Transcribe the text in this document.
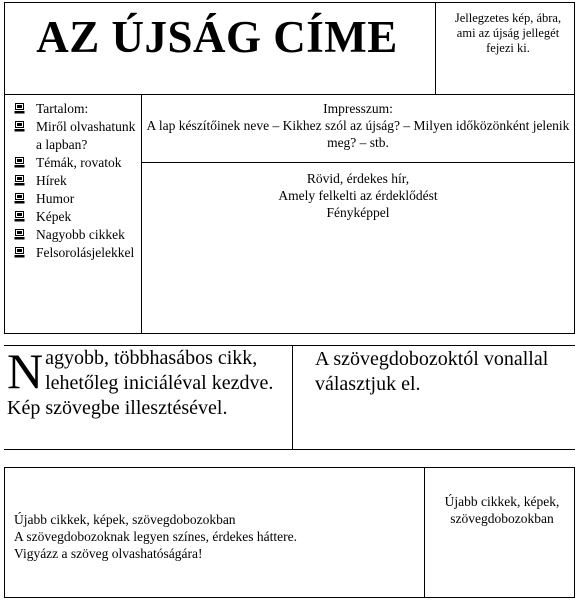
AZ ÚJSÁG CÍME	Jellegzetes kép, ábra, ami az újság jellegét fejezi ki.
Tartalom:
Miről olvashatunk a lapban?
Témák, rovatok
Hírek
Humor
Képek
Nagyobb cikkek
Felsorolásjelekkel
Impresszum:
A lap készítőinek neve – Kikhez szól az újság? – Milyen időközönként jelenik meg? – stb.
Rövid, érdekes hír,
Amely felkelti az érdeklődést
Fényképpel
Nagyobb, többhasábos cikk, lehetőleg iniciáléval kezdve. Kép szövegbe illesztésével.
A szövegdobozoktól vonallal választjuk el.
Újabb cikkek, képek, szövegdobozokban
A szövegdobozoknak legyen színes, érdekes háttere.
Vigyázz a szöveg olvashatóságára!
Újabb cikkek, képek, szövegdobozokban
